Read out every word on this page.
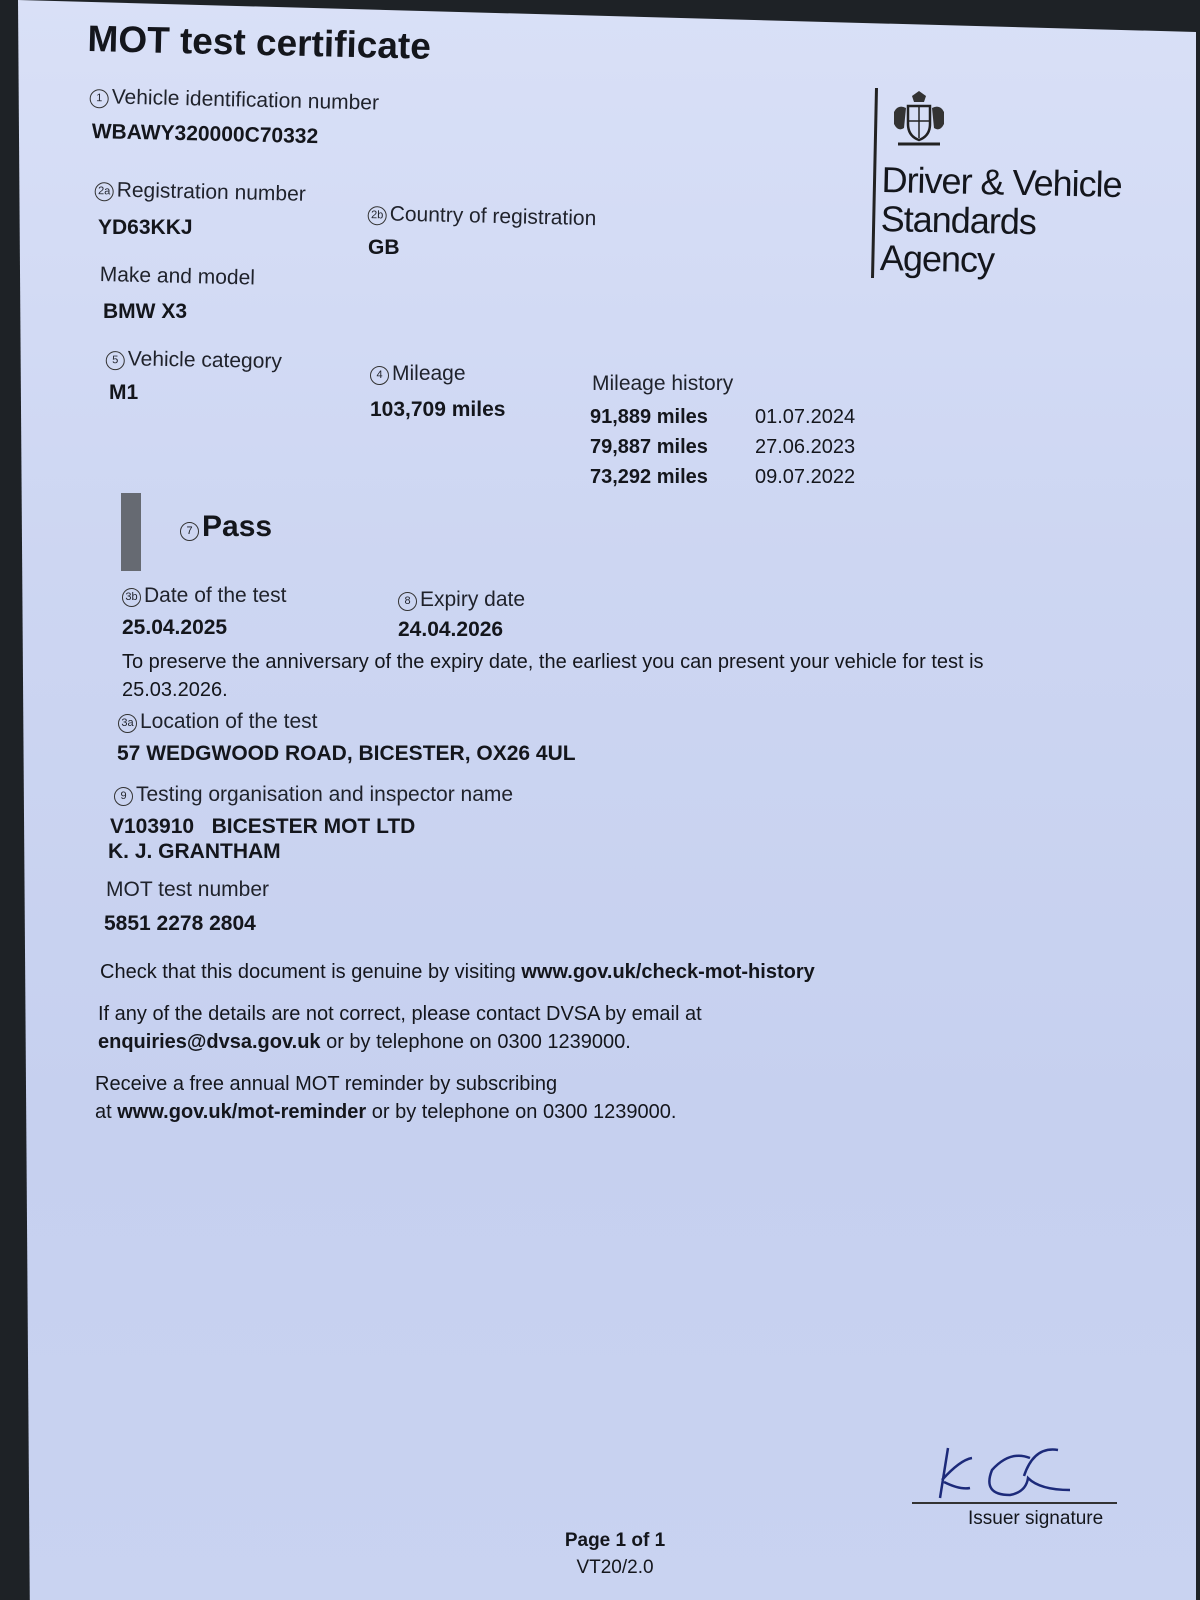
MOT test certificate
Driver & Vehicle
Standards
Agency
1 Vehicle identification number
WBAWY320000C70332
2a Registration number
YD63KKJ
2b Country of registration
GB
Make and model
BMW X3
5 Vehicle category
M1
4 Mileage
103,709 miles
Mileage history
91,889 miles	01.07.2024
79,887 miles	27.06.2023
73,292 miles	09.07.2022
7 Pass
3b Date of the test
25.04.2025
8 Expiry date
24.04.2026
To preserve the anniversary of the expiry date, the earliest you can present your vehicle for test is
25.03.2026.
3a Location of the test
57 WEDGWOOD ROAD, BICESTER, OX26 4UL
9 Testing organisation and inspector name
V103910   BICESTER MOT LTD
K. J. GRANTHAM
MOT test number
5851 2278 2804
Check that this document is genuine by visiting www.gov.uk/check-mot-history
If any of the details are not correct, please contact DVSA by email at
enquiries@dvsa.gov.uk or by telephone on 0300 1239000.
Receive a free annual MOT reminder by subscribing
at www.gov.uk/mot-reminder or by telephone on 0300 1239000.
Issuer signature
Page 1 of 1
VT20/2.0
